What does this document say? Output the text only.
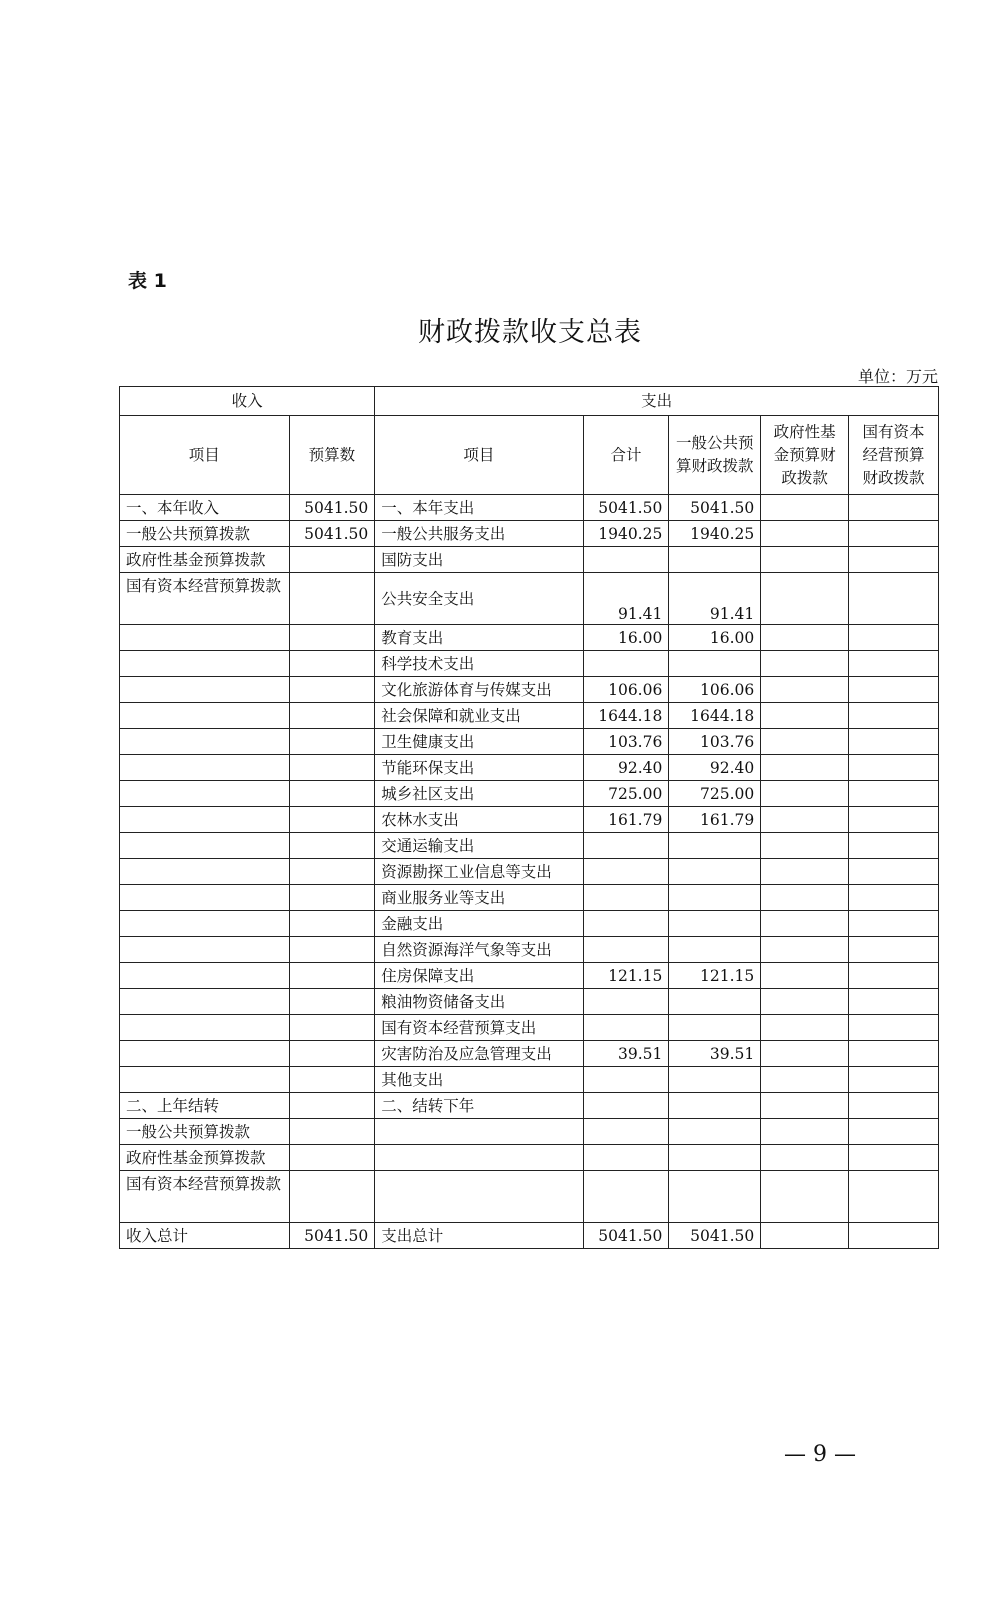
表 1
财政拨款收支总表
单位：万元
收入		支出				
项目	预算数	项目	合计	一般公共预算财政拨款	政府性基金预算财政拨款	国有资本经营预算财政拨款
一、本年收入	5041.50	一、本年支出	5041.50	5041.50		
一般公共预算拨款	5041.50	一般公共服务支出	1940.25	1940.25		
政府性基金预算拨款		国防支出				
国有资本经营预算拨款		公共安全支出	91.41	91.41		
		教育支出	16.00	16.00		
		科学技术支出				
		文化旅游体育与传媒支出	106.06	106.06		
		社会保障和就业支出	1644.18	1644.18		
		卫生健康支出	103.76	103.76		
		节能环保支出	92.40	92.40		
		城乡社区支出	725.00	725.00		
		农林水支出	161.79	161.79		
		交通运输支出				
		资源勘探工业信息等支出				
		商业服务业等支出				
		金融支出				
		自然资源海洋气象等支出				
		住房保障支出	121.15	121.15		
		粮油物资储备支出				
		国有资本经营预算支出				
		灾害防治及应急管理支出	39.51	39.51		
		其他支出				
二、上年结转		二、结转下年				
一般公共预算拨款						
政府性基金预算拨款						
国有资本经营预算拨款						
收入总计	5041.50	支出总计	5041.50	5041.50		
— 9 —
